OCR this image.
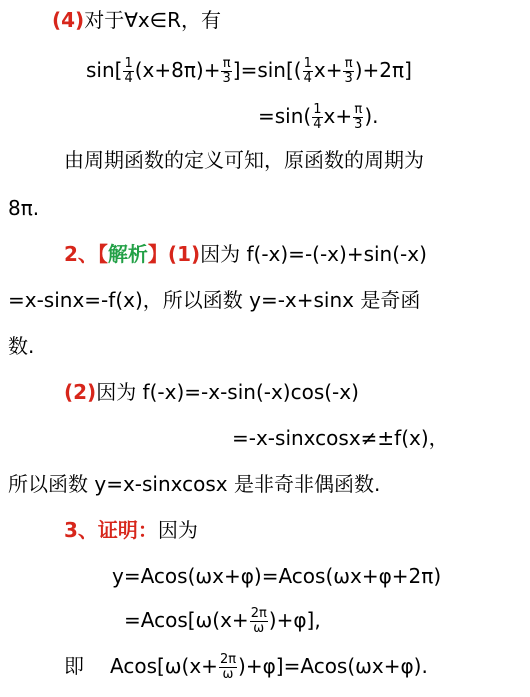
(4)对于∀x∈R，有
$\sin[ \frac{1}{4} (x+8\pi)+ \frac{\pi}{3} ]=\sin[( \frac{1}{4} x+ \frac{\pi}{3} )+2\pi]$
$=\sin( \frac{1}{4} x+ \frac{\pi}{3}$ ).
由周期函数的定义可知，原函数的周期为
8π.
2、【解析】(1)因为 f(-x)=-(-x)+sin(-x)
=x-sinx=-f(x)，所以函数 y=-x+sinx 是奇函
数.
(2)因为 f(-x)=-x-sin(-x)cos(-x)
=-x-sinxcosx≠±f(x)，
所以函数 y=x-sinxcosx 是非奇非偶函数.
3、证明：因为
y=Acos(ωx+φ)=Acos(ωx+φ+2π)
$=Acos[\omega(x+ \frac{2\pi}{\omega} )+\varphi]$,
即 $Acos[\omega(x+ \frac{2\pi}{\omega} )+\varphi]=Acos(\omega x+\varphi)$.
